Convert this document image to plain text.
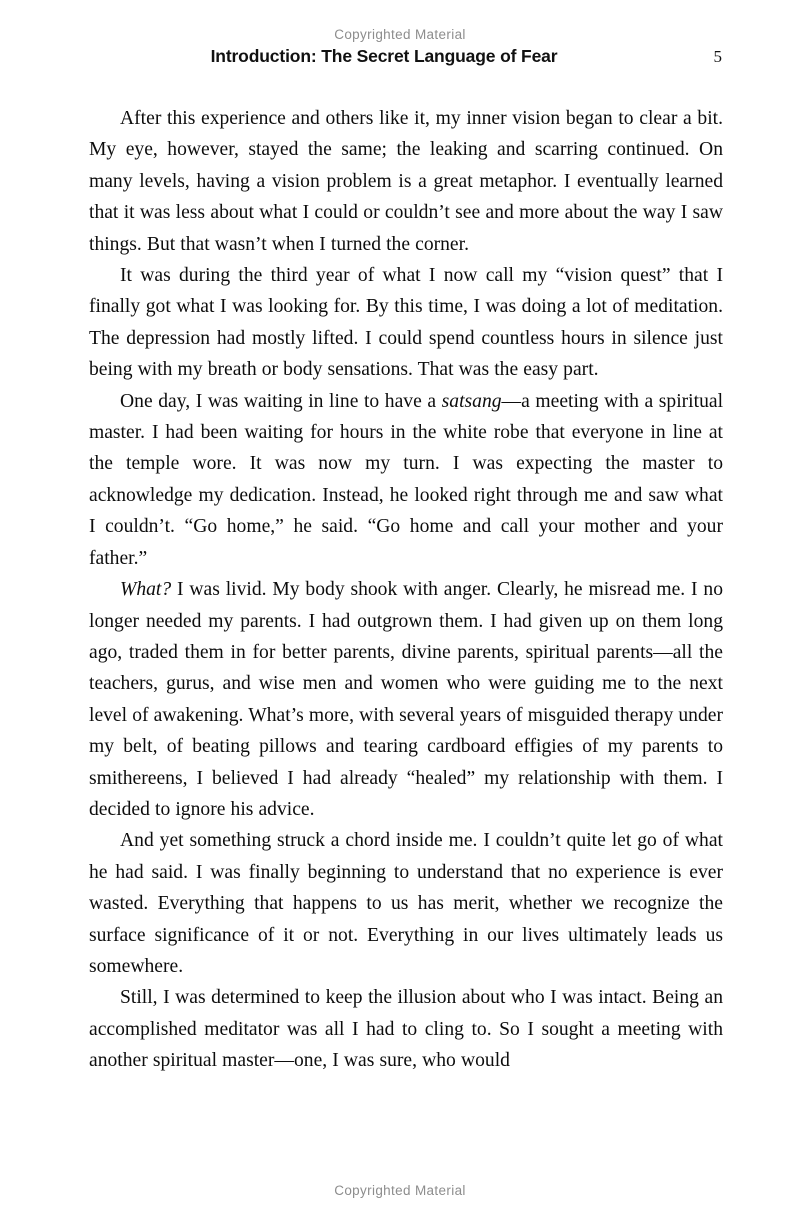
Copyrighted Material
Introduction: The Secret Language of Fear	5

After this experience and others like it, my inner vision began to clear a bit. My eye, however, stayed the same; the leaking and scarring continued. On many levels, having a vision problem is a great metaphor. I eventually learned that it was less about what I could or couldn’t see and more about the way I saw things. But that wasn’t when I turned the corner.

It was during the third year of what I now call my “vision quest” that I finally got what I was looking for. By this time, I was doing a lot of meditation. The depression had mostly lifted. I could spend countless hours in silence just being with my breath or body sensations. That was the easy part.

One day, I was waiting in line to have a satsang—a meeting with a spiritual master. I had been waiting for hours in the white robe that everyone in line at the temple wore. It was now my turn. I was expecting the master to acknowledge my dedication. Instead, he looked right through me and saw what I couldn’t. “Go home,” he said. “Go home and call your mother and your father.”

What? I was livid. My body shook with anger. Clearly, he misread me. I no longer needed my parents. I had outgrown them. I had given up on them long ago, traded them in for better parents, divine parents, spiritual parents—all the teachers, gurus, and wise men and women who were guiding me to the next level of awakening. What’s more, with several years of misguided therapy under my belt, of beating pillows and tearing cardboard effigies of my parents to smithereens, I believed I had already “healed” my relationship with them. I decided to ignore his advice.

And yet something struck a chord inside me. I couldn’t quite let go of what he had said. I was finally beginning to understand that no experience is ever wasted. Everything that happens to us has merit, whether we recognize the surface significance of it or not. Everything in our lives ultimately leads us somewhere.

Still, I was determined to keep the illusion about who I was intact. Being an accomplished meditator was all I had to cling to. So I sought a meeting with another spiritual master—one, I was sure, who would

Copyrighted Material
